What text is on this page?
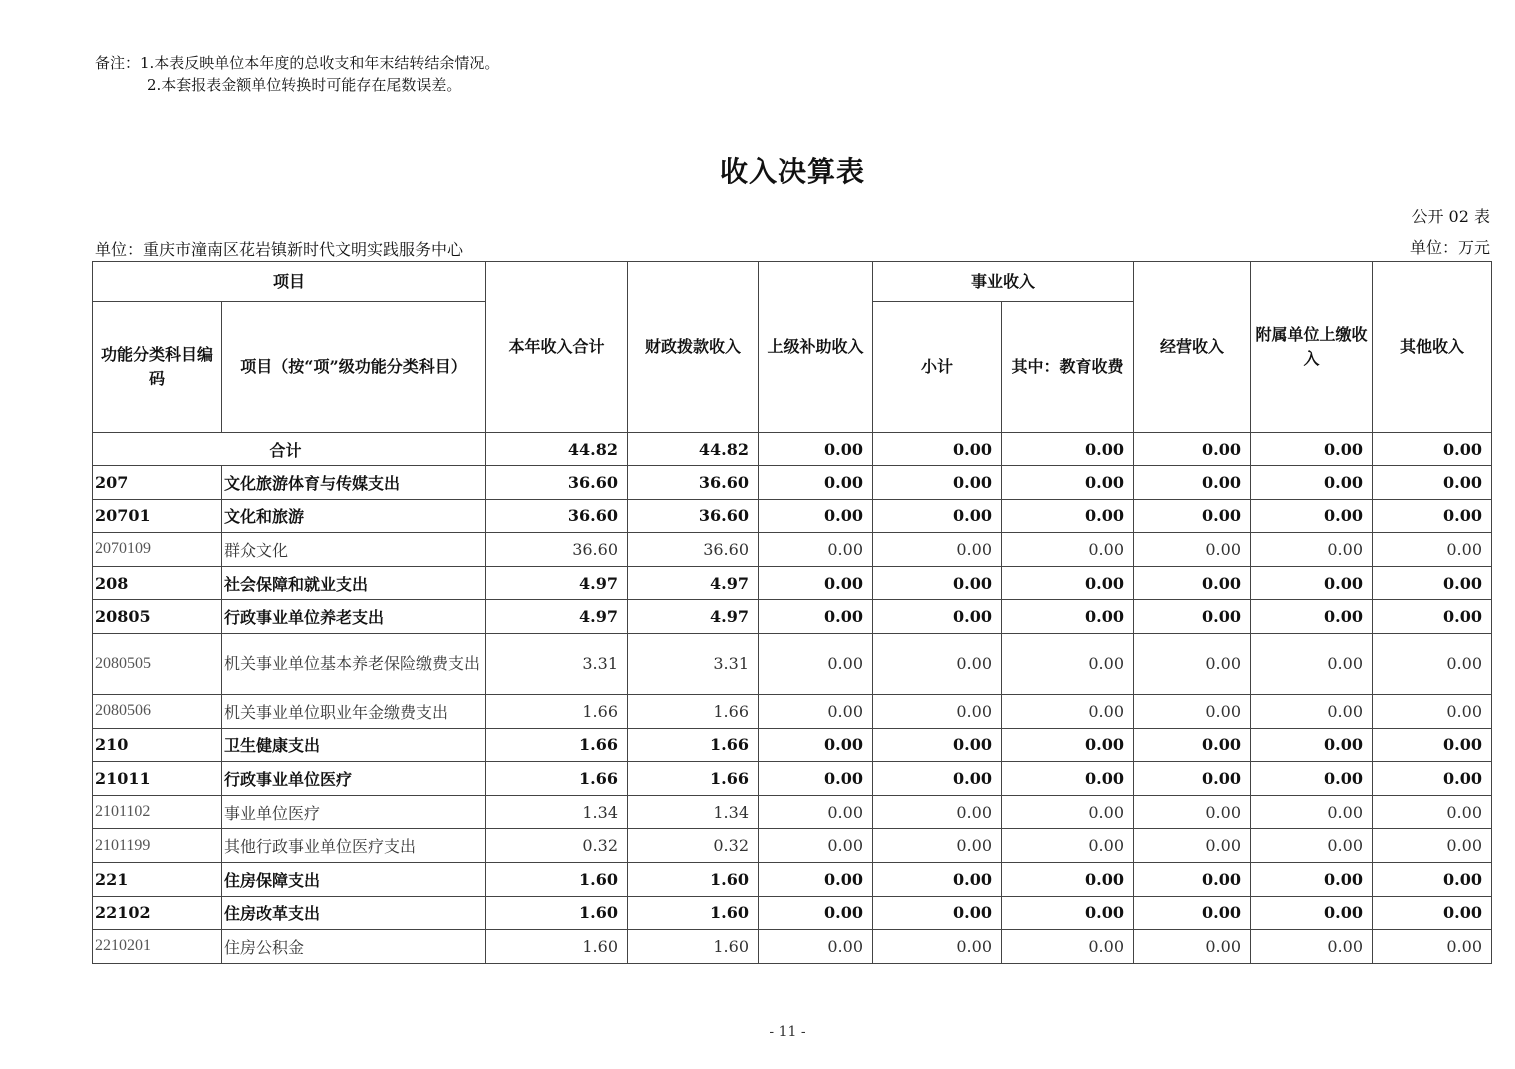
备注：1.本表反映单位本年度的总收支和年末结转结余情况。
2.本套报表金额单位转换时可能存在尾数误差。
收入决算表
公开 02 表
单位：重庆市潼南区花岩镇新时代文明实践服务中心	单位：万元
项目		本年收入合计	财政拨款收入	上级补助收入	事业收入		经营收入	附属单位上缴收入	其他收入
功能分类科目编码	项目（按“项”级功能分类科目）				小计	其中：教育收费			
合计		44.82	44.82	0.00	0.00	0.00	0.00	0.00	0.00
207	文化旅游体育与传媒支出	36.60	36.60	0.00	0.00	0.00	0.00	0.00	0.00
20701	文化和旅游	36.60	36.60	0.00	0.00	0.00	0.00	0.00	0.00
2070109	群众文化	36.60	36.60	0.00	0.00	0.00	0.00	0.00	0.00
208	社会保障和就业支出	4.97	4.97	0.00	0.00	0.00	0.00	0.00	0.00
20805	行政事业单位养老支出	4.97	4.97	0.00	0.00	0.00	0.00	0.00	0.00
2080505	机关事业单位基本养老保险缴费支出	3.31	3.31	0.00	0.00	0.00	0.00	0.00	0.00
2080506	机关事业单位职业年金缴费支出	1.66	1.66	0.00	0.00	0.00	0.00	0.00	0.00
210	卫生健康支出	1.66	1.66	0.00	0.00	0.00	0.00	0.00	0.00
21011	行政事业单位医疗	1.66	1.66	0.00	0.00	0.00	0.00	0.00	0.00
2101102	事业单位医疗	1.34	1.34	0.00	0.00	0.00	0.00	0.00	0.00
2101199	其他行政事业单位医疗支出	0.32	0.32	0.00	0.00	0.00	0.00	0.00	0.00
221	住房保障支出	1.60	1.60	0.00	0.00	0.00	0.00	0.00	0.00
22102	住房改革支出	1.60	1.60	0.00	0.00	0.00	0.00	0.00	0.00
2210201	住房公积金	1.60	1.60	0.00	0.00	0.00	0.00	0.00	0.00
- 11 -
